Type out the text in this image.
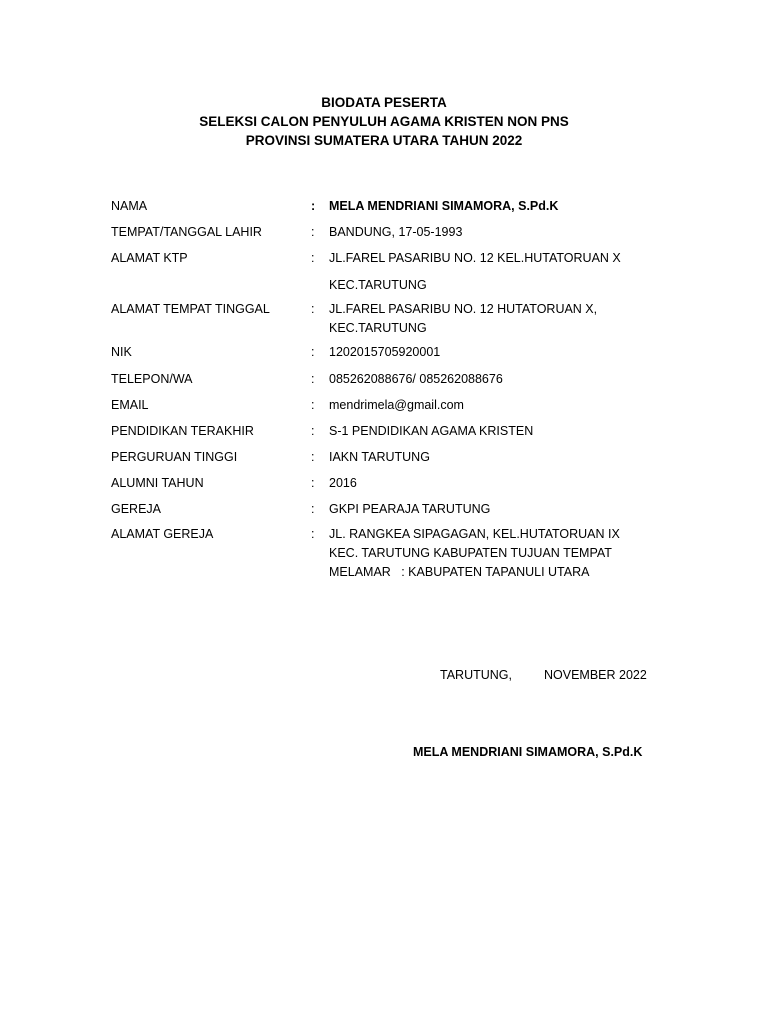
BIODATA PESERTA
SELEKSI CALON PENYULUH AGAMA KRISTEN NON PNS
PROVINSI SUMATERA UTARA TAHUN 2022
NAMA	: MELA MENDRIANI SIMAMORA, S.Pd.K
TEMPAT/TANGGAL LAHIR	: BANDUNG, 17-05-1993
ALAMAT KTP	: JL.FAREL PASARIBU NO. 12 KEL.HUTATORUAN X
KEC.TARUTUNG
ALAMAT TEMPAT TINGGAL	: JL.FAREL PASARIBU NO. 12 HUTATORUAN X,
KEC.TARUTUNG
NIK	: 1202015705920001
TELEPON/WA	: 085262088676/ 085262088676
EMAIL	: mendrimela@gmail.com
PENDIDIKAN TERAKHIR	: S-1 PENDIDIKAN AGAMA KRISTEN
PERGURUAN TINGGI	: IAKN TARUTUNG
ALUMNI TAHUN	: 2016
GEREJA	: GKPI PEARAJA TARUTUNG
ALAMAT GEREJA	: JL. RANGKEA SIPAGAGAN, KEL.HUTATORUAN IX
KEC. TARUTUNG KABUPATEN TUJUAN TEMPAT
MELAMAR   : KABUPATEN TAPANULI UTARA
TARUTUNG,	NOVEMBER 2022
MELA MENDRIANI SIMAMORA, S.Pd.K
